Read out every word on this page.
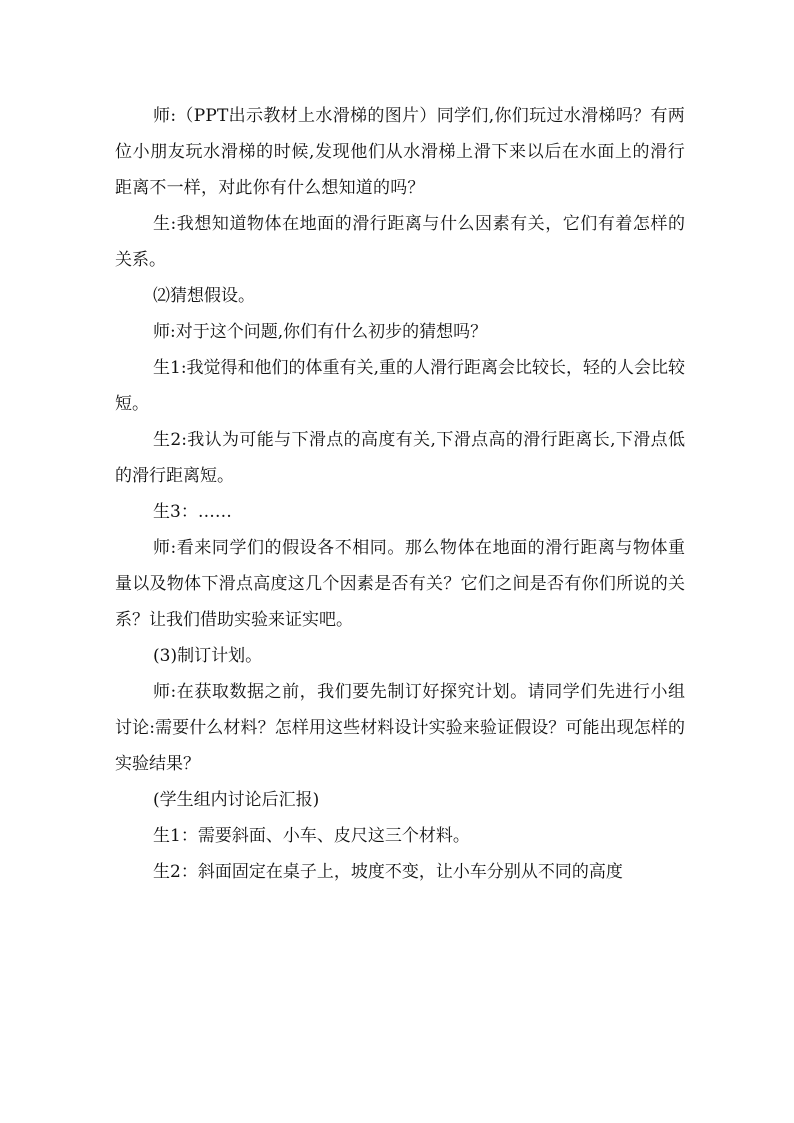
师:（PPT出示教材上水滑梯的图片）同学们,你们玩过水滑梯吗？有两位小朋友玩水滑梯的时候,发现他们从水滑梯上滑下来以后在水面上的滑行距离不一样，对此你有什么想知道的吗？

生:我想知道物体在地面的滑行距离与什么因素有关，它们有着怎样的关系。

⑵猜想假设。

师:对于这个问题,你们有什么初步的猜想吗？

生1:我觉得和他们的体重有关,重的人滑行距离会比较长，轻的人会比较短。

生2:我认为可能与下滑点的高度有关,下滑点高的滑行距离长,下滑点低的滑行距离短。

生3：……

师:看来同学们的假设各不相同。那么物体在地面的滑行距离与物体重量以及物体下滑点高度这几个因素是否有关？它们之间是否有你们所说的关系？让我们借助实验来证实吧。

(3)制订计划。

师:在获取数据之前，我们要先制订好探究计划。请同学们先进行小组讨论:需要什么材料？怎样用这些材料设计实验来验证假设？可能出现怎样的实验结果？

(学生组内讨论后汇报)

生1：需要斜面、小车、皮尺这三个材料。

生2：斜面固定在桌子上，坡度不变，让小车分别从不同的高度
